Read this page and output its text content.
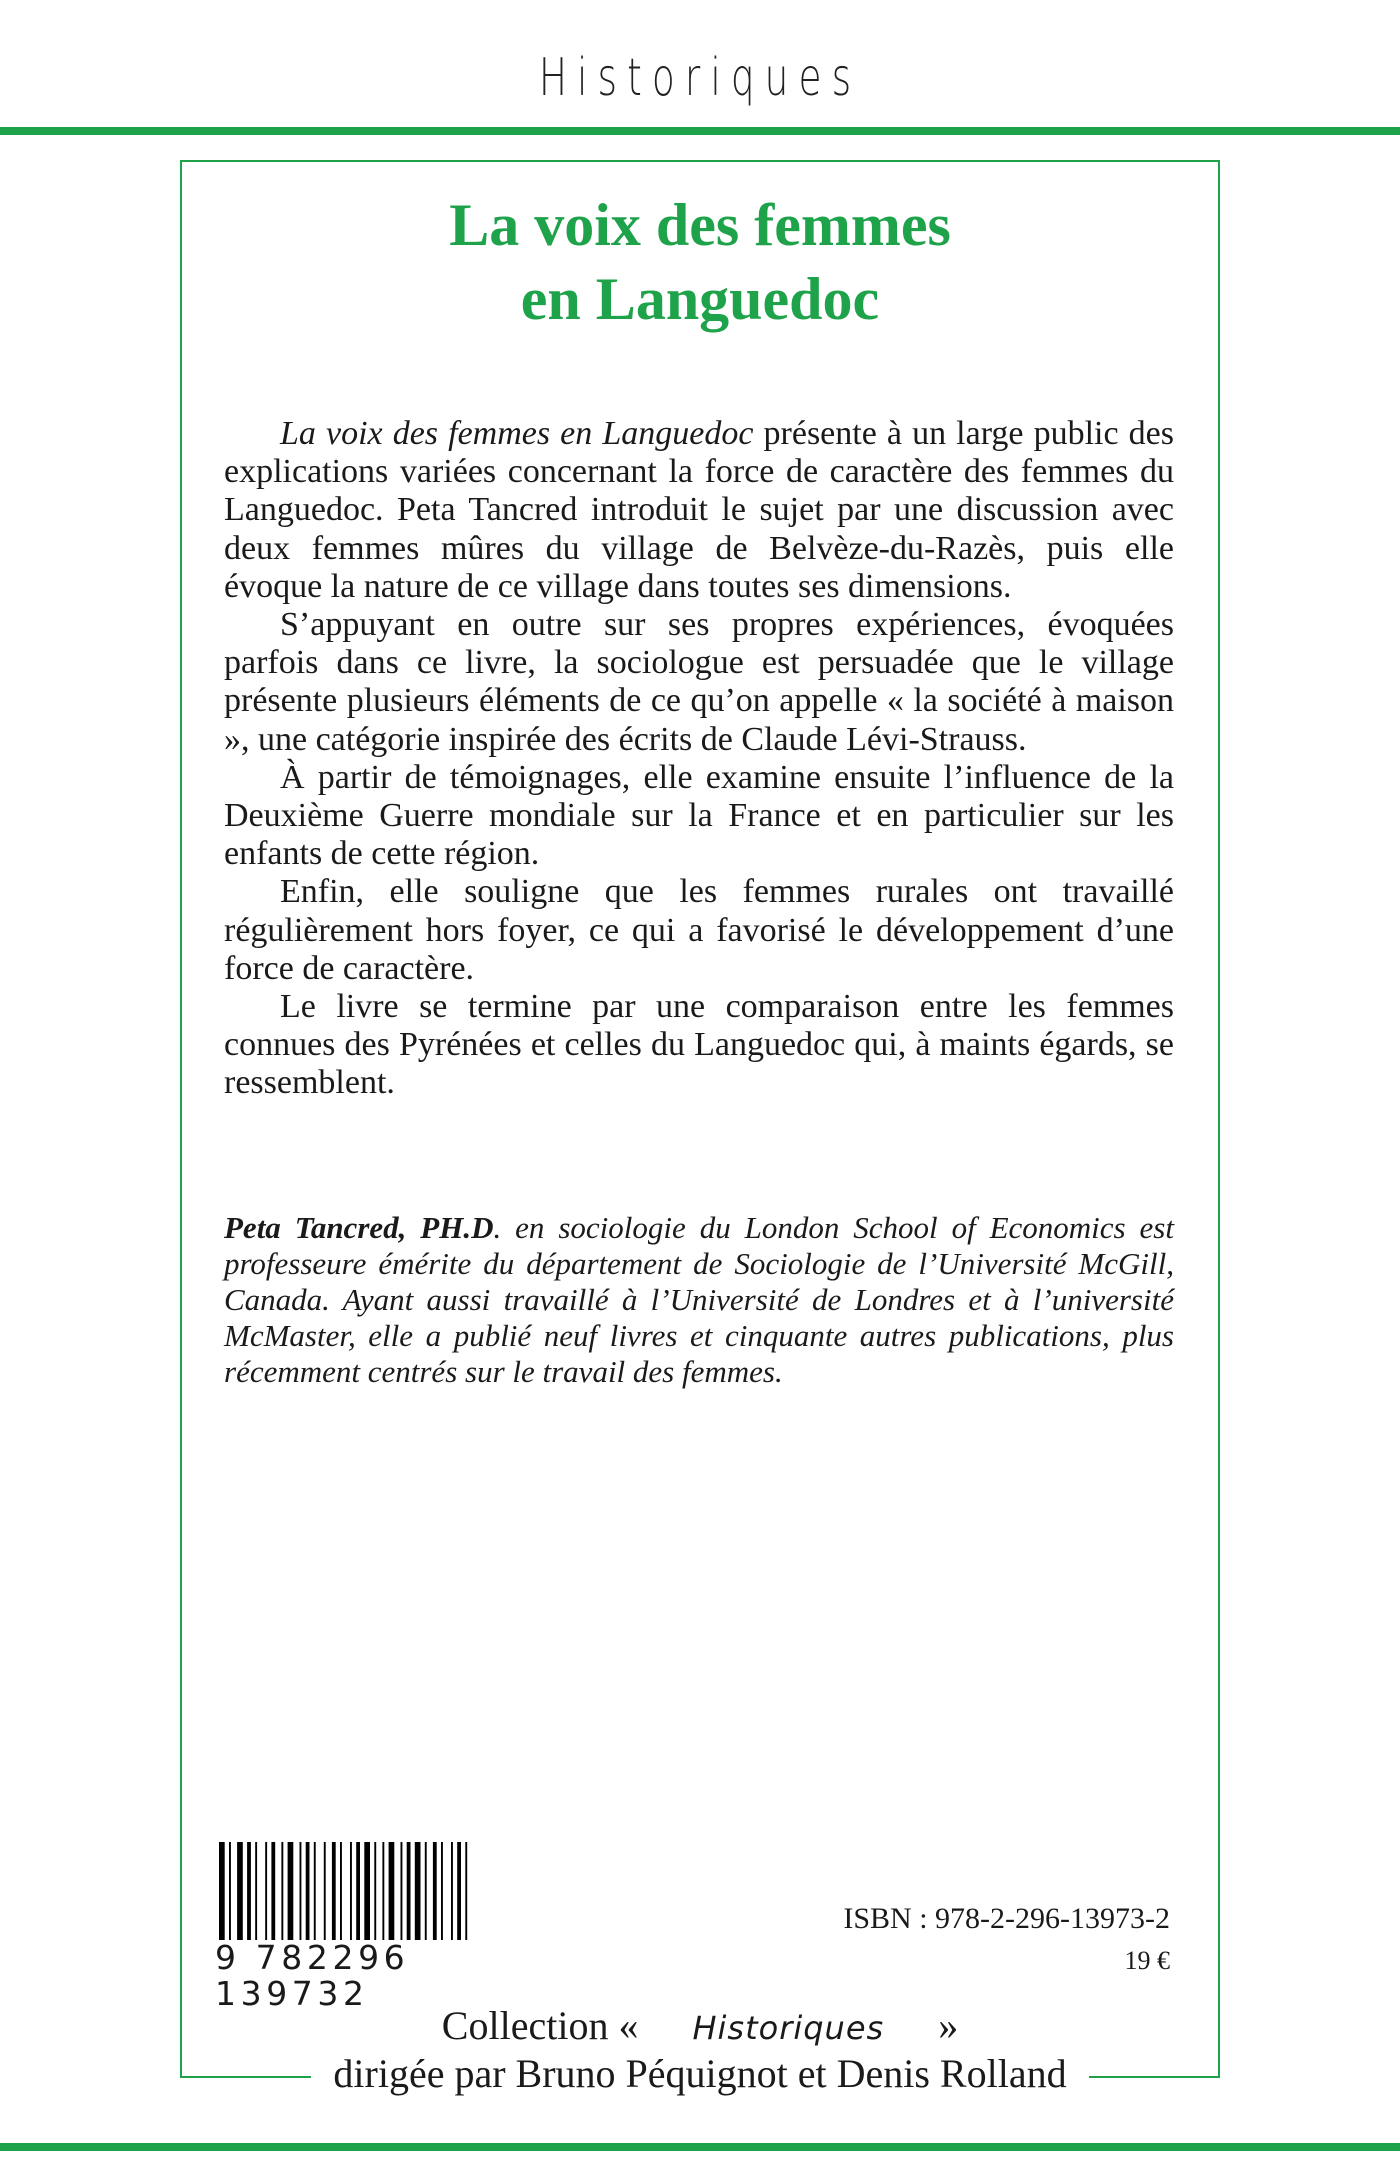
Historiques
La voix des femmes
en Languedoc

La voix des femmes en Languedoc présente à un large public des explications variées concernant la force de caractère des femmes du Languedoc. Peta Tancred introduit le sujet par une discussion avec deux femmes mûres du village de Belvèze-du-Razès, puis elle évoque la nature de ce village dans toutes ses dimensions.

S’appuyant en outre sur ses propres expériences, évoquées parfois dans ce livre, la sociologue est persuadée que le village présente plusieurs éléments de ce qu’on appelle « la société à maison », une catégorie inspirée des écrits de Claude Lévi-Strauss.

À partir de témoignages, elle examine ensuite l’influence de la Deuxième Guerre mondiale sur la France et en particulier sur les enfants de cette région.

Enfin, elle souligne que les femmes rurales ont travaillé régulièrement hors foyer, ce qui a favorisé le développement d’une force de caractère.

Le livre se termine par une comparaison entre les femmes connues des Pyrénées et celles du Languedoc qui, à maints égards, se ressemblent.

Peta Tancred, PH.D. en sociologie du London School of Economics est professeure émérite du département de Sociologie de l’Université McGill, Canada. Ayant aussi travaillé à l’Université de Londres et à l’université McMaster, elle a publié neuf livres et cinquante autres publications, plus récemment centrés sur le travail des femmes.
9 782296 139732
ISBN : 978-2-296-13973-2
19 €
Collection « Historiques »
dirigée par Bruno Péquignot et Denis Rolland
